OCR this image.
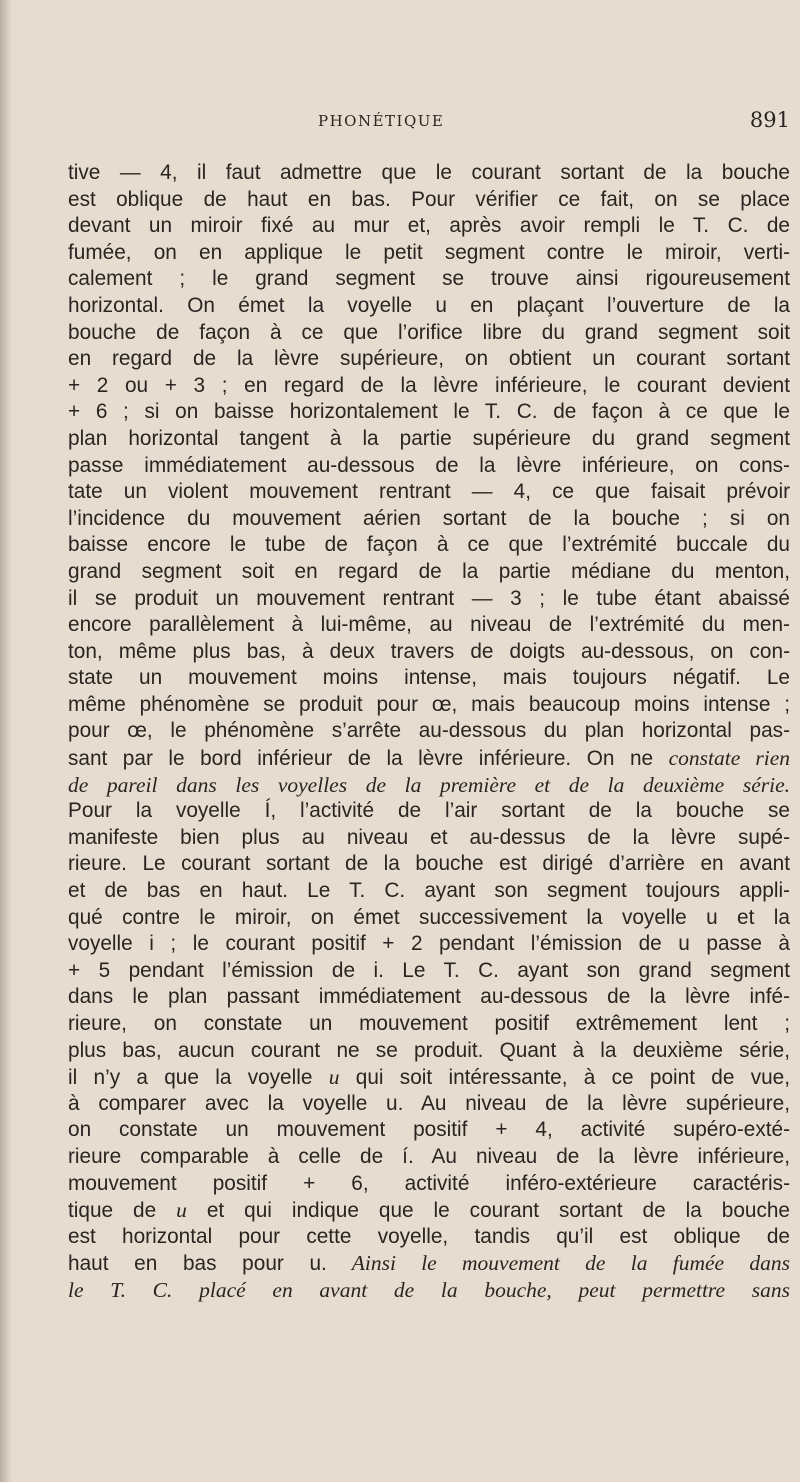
PHONÉTIQUE	891
tive — 4, il faut admettre que le courant sortant de la bouche
est oblique de haut en bas. Pour vérifier ce fait, on se place
devant un miroir fixé au mur et, après avoir rempli le T. C. de
fumée, on en applique le petit segment contre le miroir, verti-
calement ; le grand segment se trouve ainsi rigoureusement
horizontal. On émet la voyelle u en plaçant l’ouverture de la
bouche de façon à ce que l’orifice libre du grand segment soit
en regard de la lèvre supérieure, on obtient un courant sortant
+ 2 ou + 3 ; en regard de la lèvre inférieure, le courant devient
+ 6 ; si on baisse horizontalement le T. C. de façon à ce que le
plan horizontal tangent à la partie supérieure du grand segment
passe immédiatement au-dessous de la lèvre inférieure, on cons-
tate un violent mouvement rentrant — 4, ce que faisait prévoir
l’incidence du mouvement aérien sortant de la bouche ; si on
baisse encore le tube de façon à ce que l’extrémité buccale du
grand segment soit en regard de la partie médiane du menton,
il se produit un mouvement rentrant — 3 ; le tube étant abaissé
encore parallèlement à lui-même, au niveau de l’extrémité du men-
ton, même plus bas, à deux travers de doigts au-dessous, on con-
state un mouvement moins intense, mais toujours négatif. Le
même phénomène se produit pour œ, mais beaucoup moins intense ;
pour œ, le phénomène s’arrête au-dessous du plan horizontal pas-
sant par le bord inférieur de la lèvre inférieure. On ne constate rien
de pareil dans les voyelles de la première et de la deuxième série.
Pour la voyelle Í, l’activité de l’air sortant de la bouche se
manifeste bien plus au niveau et au-dessus de la lèvre supé-
rieure. Le courant sortant de la bouche est dirigé d’arrière en avant
et de bas en haut. Le T. C. ayant son segment toujours appli-
qué contre le miroir, on émet successivement la voyelle u et la
voyelle i ; le courant positif + 2 pendant l’émission de u passe à
+ 5 pendant l’émission de i. Le T. C. ayant son grand segment
dans le plan passant immédiatement au-dessous de la lèvre infé-
rieure, on constate un mouvement positif extrêmement lent ;
plus bas, aucun courant ne se produit. Quant à la deuxième série,
il n’y a que la voyelle u qui soit intéressante, à ce point de vue,
à comparer avec la voyelle u. Au niveau de la lèvre supérieure,
on constate un mouvement positif + 4, activité supéro-exté-
rieure comparable à celle de í. Au niveau de la lèvre inférieure,
mouvement positif + 6, activité inféro-extérieure caractéris-
tique de u et qui indique que le courant sortant de la bouche
est horizontal pour cette voyelle, tandis qu’il est oblique de
haut en bas pour u. Ainsi le mouvement de la fumée dans
le T. C. placé en avant de la bouche, peut permettre sans
